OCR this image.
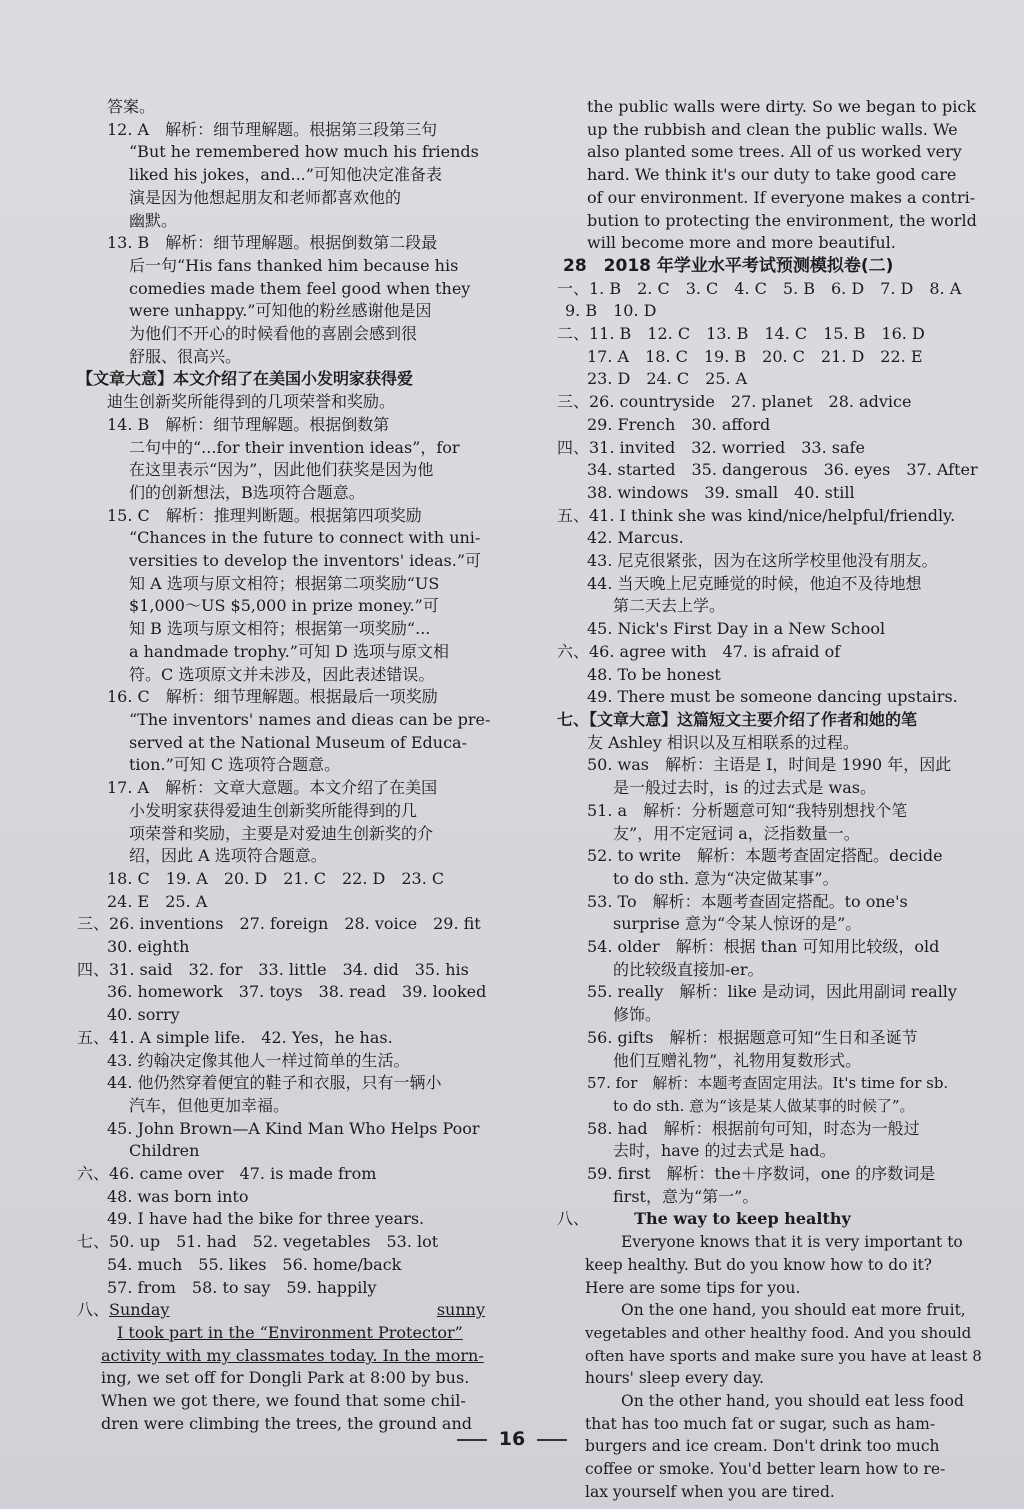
答案。
12. A　解析：细节理解题。根据第三段第三句
“But he remembered how much his friends
liked his jokes，and...”可知他决定准备表
演是因为他想起朋友和老师都喜欢他的
幽默。
13. B　解析：细节理解题。根据倒数第二段最
后一句“His fans thanked him because his
comedies made them feel good when they
were unhappy.”可知他的粉丝感谢他是因
为他们不开心的时候看他的喜剧会感到很
舒服、很高兴。
【文章大意】本文介绍了在美国小发明家获得爱
迪生创新奖所能得到的几项荣誉和奖励。
14. B　解析：细节理解题。根据倒数第
二句中的“...for their invention ideas”，for
在这里表示“因为”，因此他们获奖是因为他
们的创新想法，B选项符合题意。
15. C　解析：推理判断题。根据第四项奖励
“Chances in the future to connect with uni-
versities to develop the inventors' ideas.”可
知 A 选项与原文相符；根据第二项奖励“US
$1,000～US $5,000 in prize money.”可
知 B 选项与原文相符；根据第一项奖励“...
a handmade trophy.”可知 D 选项与原文相
符。C 选项原文并未涉及，因此表述错误。
16. C　解析：细节理解题。根据最后一项奖励
“The inventors' names and dieas can be pre-
served at the National Museum of Educa-
tion.”可知 C 选项符合题意。
17. A　解析：文章大意题。本文介绍了在美国
小发明家获得爱迪生创新奖所能得到的几
项荣誉和奖励，主要是对爱迪生创新奖的介
绍，因此 A 选项符合题意。
18. C　19. A　20. D　21. C　22. D　23. C
24. E　25. A
三、26. inventions　27. foreign　28. voice　29. fit
30. eighth
四、31. said　32. for　33. little　34. did　35. his
36. homework　37. toys　38. read　39. looked
40. sorry
五、41. A simple life.　42. Yes，he has.
43. 约翰决定像其他人一样过简单的生活。
44. 他仍然穿着便宜的鞋子和衣服，只有一辆小
汽车，但他更加幸福。
45. John Brown—A Kind Man Who Helps Poor
Children
六、46. came over　47. is made from
48. was born into
49. I have had the bike for three years.
七、50. up　51. had　52. vegetables　53. lot
54. much　55. likes　56. home/back
57. from　58. to say　59. happily
八、Sunday	sunny
I took part in the “Environment Protector”
activity with my classmates today. In the morn-
ing, we set off for Dongli Park at 8:00 by bus.
When we got there, we found that some chil-
dren were climbing the trees, the ground and
the public walls were dirty. So we began to pick
up the rubbish and clean the public walls. We
also planted some trees. All of us worked very
hard. We think it's our duty to take good care
of our environment. If everyone makes a contri-
bution to protecting the environment, the world
will become more and more beautiful.
28　2018 年学业水平考试预测模拟卷(二)
一、1. B　2. C　3. C　4. C　5. B　6. D　7. D　8. A
9. B　10. D
二、11. B　12. C　13. B　14. C　15. B　16. D
17. A　18. C　19. B　20. C　21. D　22. E
23. D　24. C　25. A
三、26. countryside　27. planet　28. advice
29. French　30. afford
四、31. invited　32. worried　33. safe
34. started　35. dangerous　36. eyes　37. After
38. windows　39. small　40. still
五、41. I think she was kind/nice/helpful/friendly.
42. Marcus.
43. 尼克很紧张，因为在这所学校里他没有朋友。
44. 当天晚上尼克睡觉的时候，他迫不及待地想
第二天去上学。
45. Nick's First Day in a New School
六、46. agree with　47. is afraid of
48. To be honest
49. There must be someone dancing upstairs.
七、【文章大意】这篇短文主要介绍了作者和她的笔
友 Ashley 相识以及互相联系的过程。
50. was　解析：主语是 I，时间是 1990 年，因此
是一般过去时，is 的过去式是 was。
51. a　解析：分析题意可知“我特别想找个笔
友”，用不定冠词 a，泛指数量一。
52. to write　解析：本题考查固定搭配。decide
to do sth. 意为“决定做某事”。
53. To　解析：本题考查固定搭配。to one's
surprise 意为“令某人惊讶的是”。
54. older　解析：根据 than 可知用比较级，old
的比较级直接加-er。
55. really　解析：like 是动词，因此用副词 really
修饰。
56. gifts　解析：根据题意可知“生日和圣诞节
他们互赠礼物”，礼物用复数形式。
57. for　解析：本题考查固定用法。It's time for sb.
to do sth. 意为“该是某人做某事的时候了”。
58. had　解析：根据前句可知，时态为一般过
去时，have 的过去式是 had。
59. first　解析：the＋序数词，one 的序数词是
first，意为“第一”。
八、	The way to keep healthy
Everyone knows that it is very important to
keep healthy. But do you know how to do it?
Here are some tips for you.
On the one hand, you should eat more fruit,
vegetables and other healthy food. And you should
often have sports and make sure you have at least 8
hours' sleep every day.
On the other hand, you should eat less food
that has too much fat or sugar, such as ham-
burgers and ice cream. Don't drink too much
coffee or smoke. You'd better learn how to re-
lax yourself when you are tired.
16
